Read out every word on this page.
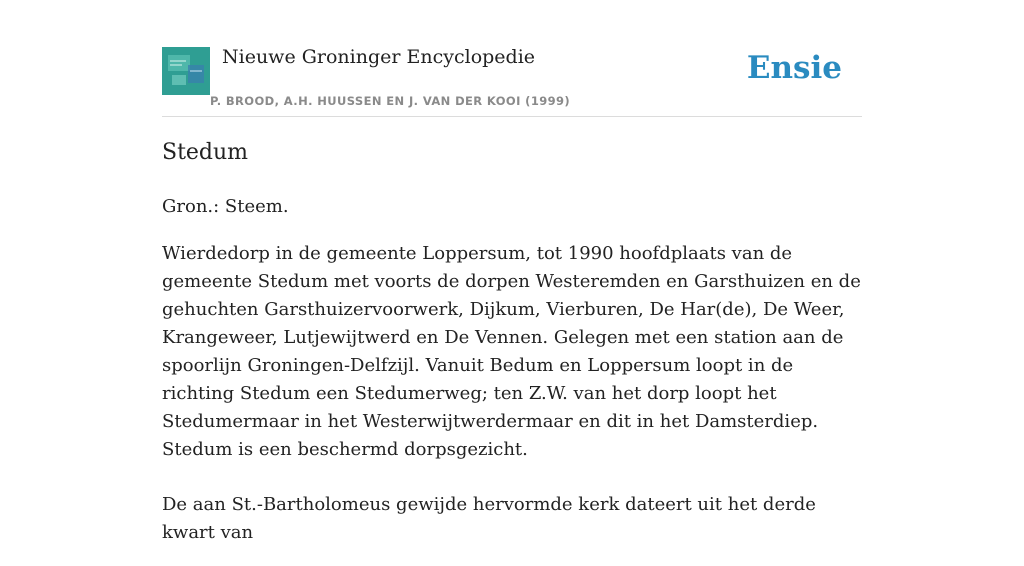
Nieuwe Groninger Encyclopedie
P. BROOD, A.H. HUUSSEN EN J. VAN DER KOOI (1999)
Ensie
Stedum

Gron.: Steem.

Wierdedorp in de gemeente Loppersum, tot 1990 hoofdplaats van de gemeente Stedum met voorts de dorpen Westeremden en Garsthuizen en de gehuchten Garsthuizervoorwerk, Dijkum, Vierburen, De Har(de), De Weer, Krangeweer, Lutjewijtwerd en De Vennen. Gelegen met een station aan de spoorlijn Groningen-Delfzijl. Vanuit Bedum en Loppersum loopt in de richting Stedum een Stedumerweg; ten Z.W. van het dorp loopt het Stedumermaar in het Westerwijtwerdermaar en dit in het Damsterdiep. Stedum is een beschermd dorpsgezicht.

De aan St.-Bartholomeus gewijde hervormde kerk dateert uit het derde kwart van
